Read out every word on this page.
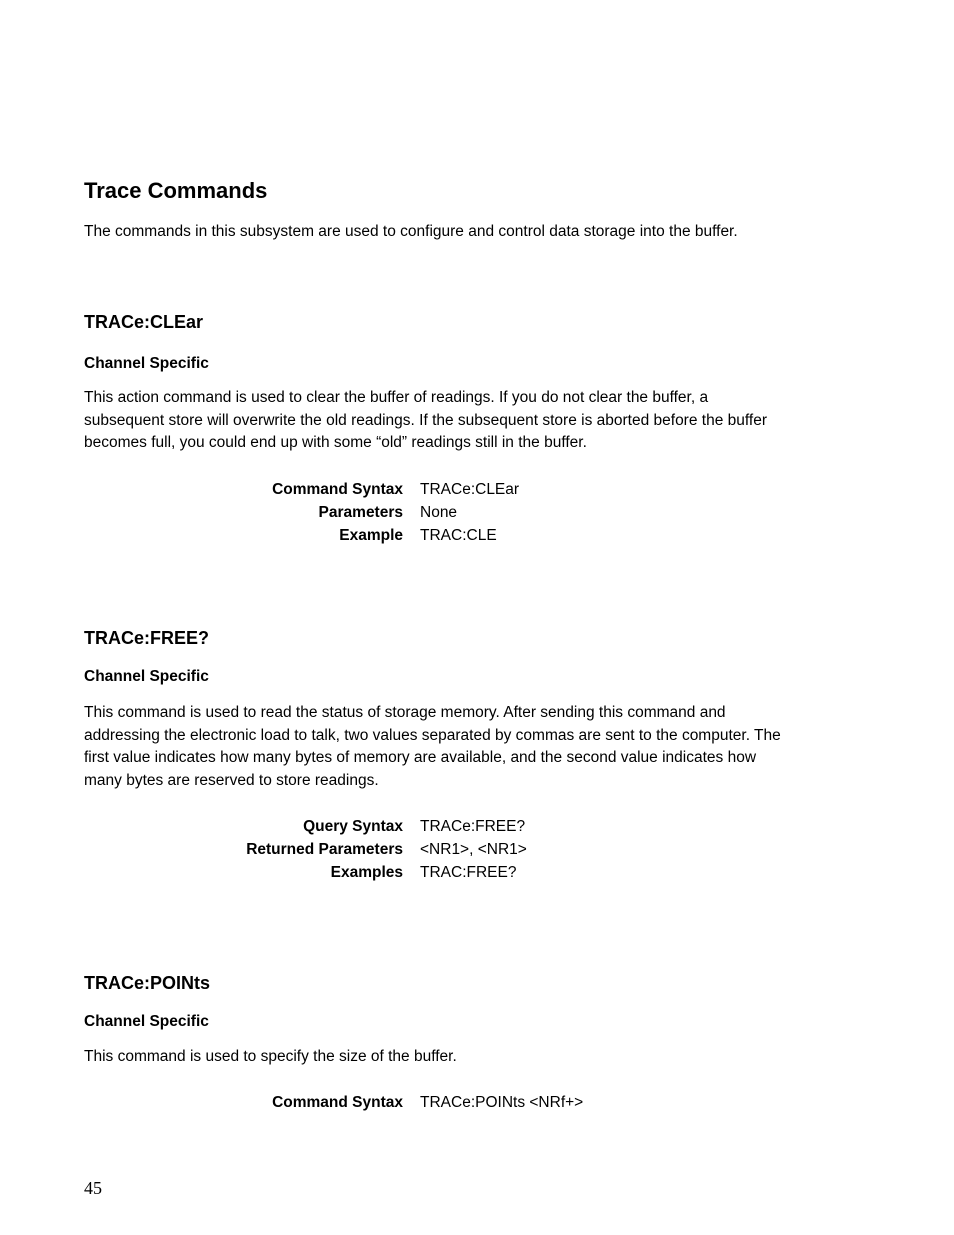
Trace Commands
The commands in this subsystem are used to configure and control data storage into the buffer.
TRACe:CLEar
Channel Specific
This action command is used to clear the buffer of readings. If you do not clear the buffer, a
subsequent store will overwrite the old readings. If the subsequent store is aborted before the buffer
becomes full, you could end up with some “old” readings still in the buffer.
Command Syntax	TRACe:CLEar
Parameters	None
Example	TRAC:CLE
TRACe:FREE?
Channel Specific
This command is used to read the status of storage memory. After sending this command and
addressing the electronic load to talk, two values separated by commas are sent to the computer. The
first value indicates how many bytes of memory are available, and the second value indicates how
many bytes are reserved to store readings.
Query Syntax	TRACe:FREE?
Returned Parameters	<NR1>, <NR1>
Examples	TRAC:FREE?
TRACe:POINts
Channel Specific
This command is used to specify the size of the buffer.
Command Syntax	TRACe:POINts <NRf+>
45
